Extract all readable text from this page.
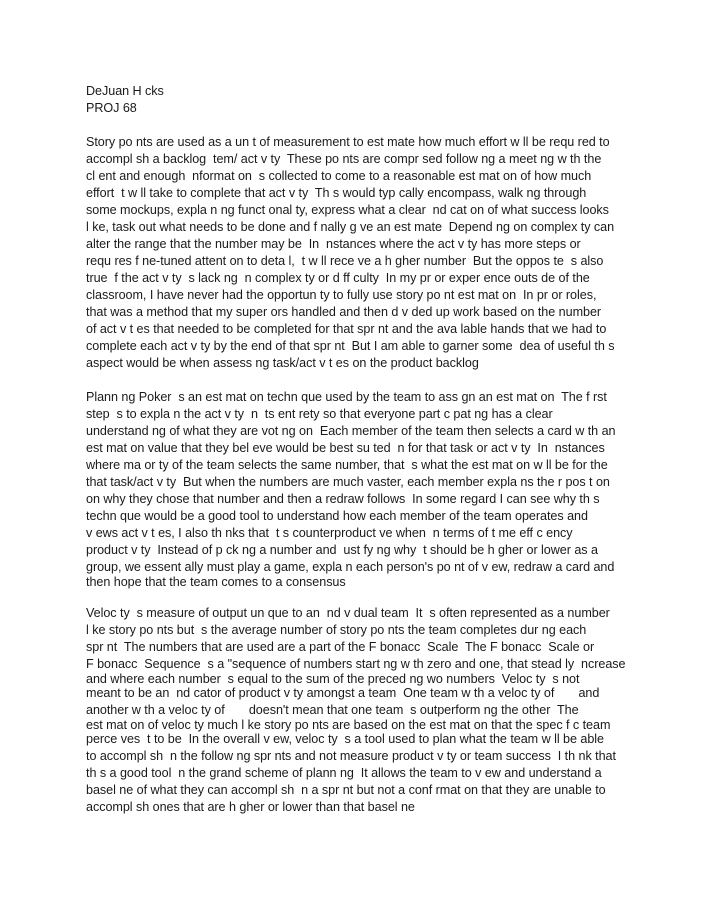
DeJuan H cks
PROJ 68
Story po nts are used as a un t of measurement to est mate how much effort w ll be requ red to
accompl sh a backlog  tem/ act v ty  These po nts are compr sed follow ng a meet ng w th the
cl ent and enough  nformat on  s collected to come to a reasonable est mat on of how much
effort  t w ll take to complete that act v ty  Th s would typ cally encompass, walk ng through
some mockups, expla n ng funct onal ty, express what a clear  nd cat on of what success looks
l ke, task out what needs to be done and f nally g ve an est mate  Depend ng on complex ty can
alter the range that the number may be  In  nstances where the act v ty has more steps or
requ res f ne-tuned attent on to deta l,  t w ll rece ve a h gher number  But the oppos te  s also
true  f the act v ty  s lack ng  n complex ty or d ff culty  In my pr or exper ence outs de of the
classroom, I have never had the opportun ty to fully use story po nt est mat on  In pr or roles,
that was a method that my super ors handled and then d v ded up work based on the number
of act v t es that needed to be completed for that spr nt and the ava lable hands that we had to
complete each act v ty by the end of that spr nt  But I am able to garner some  dea of useful th s
aspect would be when assess ng task/act v t es on the product backlog
Plann ng Poker  s an est mat on techn que used by the team to ass gn an est mat on  The f rst
step  s to expla n the act v ty  n  ts ent rety so that everyone part c pat ng has a clear
understand ng of what they are vot ng on  Each member of the team then selects a card w th an
est mat on value that they bel eve would be best su ted  n for that task or act v ty  In  nstances
where ma or ty of the team selects the same number, that  s what the est mat on w ll be for the
that task/act v ty  But when the numbers are much vaster, each member expla ns the r pos t on
on why they chose that number and then a redraw follows  In some regard I can see why th s
techn que would be a good tool to understand how each member of the team operates and
v ews act v t es, I also th nks that  t s counterproduct ve when  n terms of t me eff c ency
product v ty  Instead of p ck ng a number and  ust fy ng why  t should be h gher or lower as a
group, we essent ally must play a game, expla n each person's po nt of v ew, redraw a card and
then hope that the team comes to a consensus
Veloc ty  s measure of output un que to an  nd v dual team  It  s often represented as a number
l ke story po nts but  s the average number of story po nts the team completes dur ng each
spr nt  The numbers that are used are a part of the F bonacc  Scale  The F bonacc  Scale or
F bonacc  Sequence  s a "sequence of numbers start ng w th zero and one, that stead ly  ncrease
and where each number  s equal to the sum of the preced ng wo numbers  Veloc ty  s not
meant to be an  nd cator of product v ty amongst a team  One team w th a veloc ty of       and
another w th a veloc ty of       doesn't mean that one team  s outperform ng the other  The
est mat on of veloc ty much l ke story po nts are based on the est mat on that the spec f c team
perce ves  t to be  In the overall v ew, veloc ty  s a tool used to plan what the team w ll be able
to accompl sh  n the follow ng spr nts and not measure product v ty or team success  I th nk that
th s a good tool  n the grand scheme of plann ng  It allows the team to v ew and understand a
basel ne of what they can accompl sh  n a spr nt but not a conf rmat on that they are unable to
accompl sh ones that are h gher or lower than that basel ne
